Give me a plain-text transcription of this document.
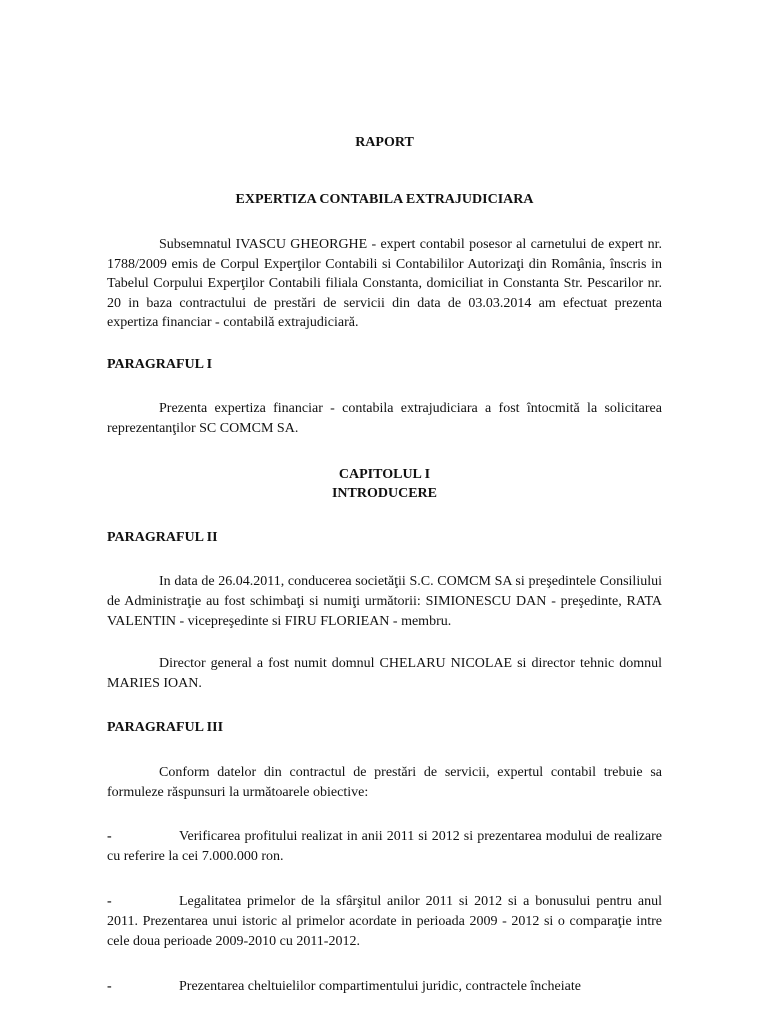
RAPORT

EXPERTIZA CONTABILA EXTRAJUDICIARA

Subsemnatul IVASCU GHEORGHE - expert contabil posesor al carnetului de expert nr. 1788/2009 emis de Corpul Experţilor Contabili si Contabililor Autorizaţi din România, înscris in Tabelul Corpului Experţilor Contabili filiala Constanta, domiciliat in Constanta Str. Pescarilor nr. 20 in baza contractului de prestări de servicii din data de 03.03.2014 am efectuat prezenta expertiza financiar - contabilă extrajudiciară.

PARAGRAFUL I

Prezenta expertiza financiar - contabila extrajudiciara a fost întocmită la solicitarea reprezentanţilor SC COMCM SA.

CAPITOLUL I

INTRODUCERE

PARAGRAFUL II

In data de 26.04.2011, conducerea societăţii S.C. COMCM SA si preşedintele Consiliului de Administraţie au fost schimbaţi si numiţi următorii: SIMIONESCU DAN - preşedinte, RATA VALENTIN - vicepreşedinte si FIRU FLORIEAN - membru.

Director general a fost numit domnul CHELARU NICOLAE si director tehnic domnul MARIES IOAN.

PARAGRAFUL III

Conform datelor din contractul de prestări de servicii, expertul contabil trebuie sa formuleze răspunsuri la următoarele obiective:

-	Verificarea profitului realizat in anii 2011 si 2012 si prezentarea modului de realizare cu referire la cei 7.000.000 ron.

-	Legalitatea primelor de la sfârşitul anilor 2011 si 2012 si a bonusului pentru anul 2011. Prezentarea unui istoric al primelor acordate in perioada 2009 - 2012 si o comparaţie intre cele doua perioade 2009-2010 cu 2011-2012.

-	Prezentarea cheltuielilor compartimentului juridic, contractele încheiate
